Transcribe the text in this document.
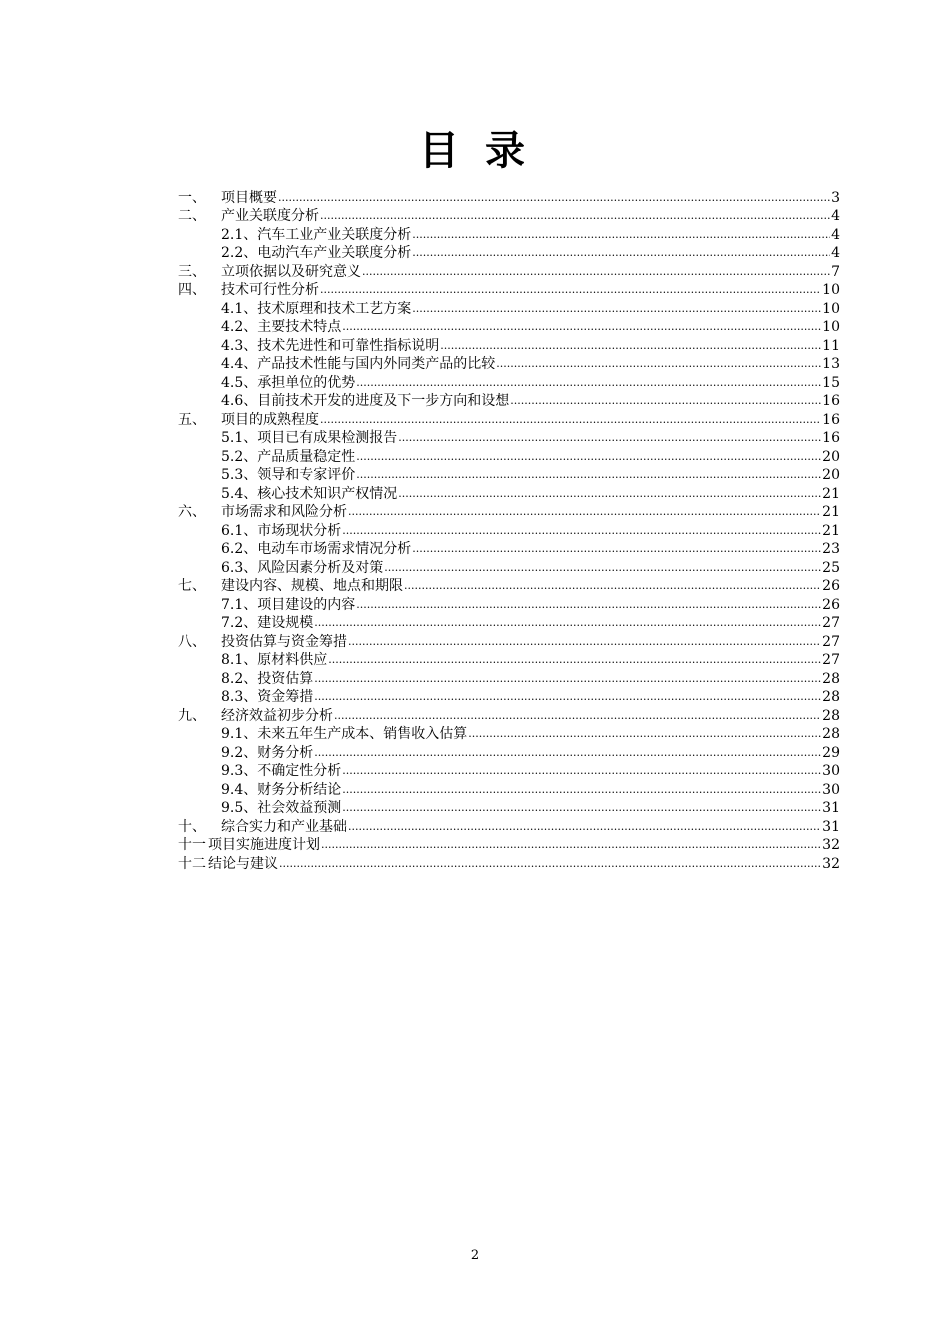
目 录
一、	项目概要 .....	3
二、	产业关联度分析 .....	4
2.1、 汽车工业产业关联度分析 .....	4
2.2、 电动汽车产业关联度分析 .....	4
三、	立项依据以及研究意义 .....	7
四、	技术可行性分析 .....	10
4.1、 技术原理和技术工艺方案 .....	10
4.2、 主要技术特点 .....	10
4.3、 技术先进性和可靠性指标说明 .....	11
4.4、 产品技术性能与国内外同类产品的比较 .....	13
4.5、 承担单位的优势 .....	15
4.6、 目前技术开发的进度及下一步方向和设想 .....	16
五、	项目的成熟程度 .....	16
5.1、 项目已有成果检测报告 .....	16
5.2、 产品质量稳定性 .....	20
5.3、 领导和专家评价 .....	20
5.4、 核心技术知识产权情况 .....	21
六、	市场需求和风险分析 .....	21
6.1、 市场现状分析 .....	21
6.2、 电动车市场需求情况分析 .....	23
6.3、 风险因素分析及对策 .....	25
七、	建设内容、规模、地点和期限 .....	26
7.1、 项目建设的内容 .....	26
7.2、 建设规模 .....	27
八、	投资估算与资金筹措 .....	27
8.1、 原材料供应 .....	27
8.2、 投资估算 .....	28
8.3、 资金筹措 .....	28
九、	经济效益初步分析 .....	28
9.1、 未来五年生产成本、销售收入估算 .....	28
9.2、 财务分析 .....	29
9.3、 不确定性分析 .....	30
9.4、 财务分析结论 .....	30
9.5、 社会效益预测 .....	31
十、	综合实力和产业基础 .....	31
十一 项目实施进度计划 .....	32
十二 结论与建议 .....	32
2
